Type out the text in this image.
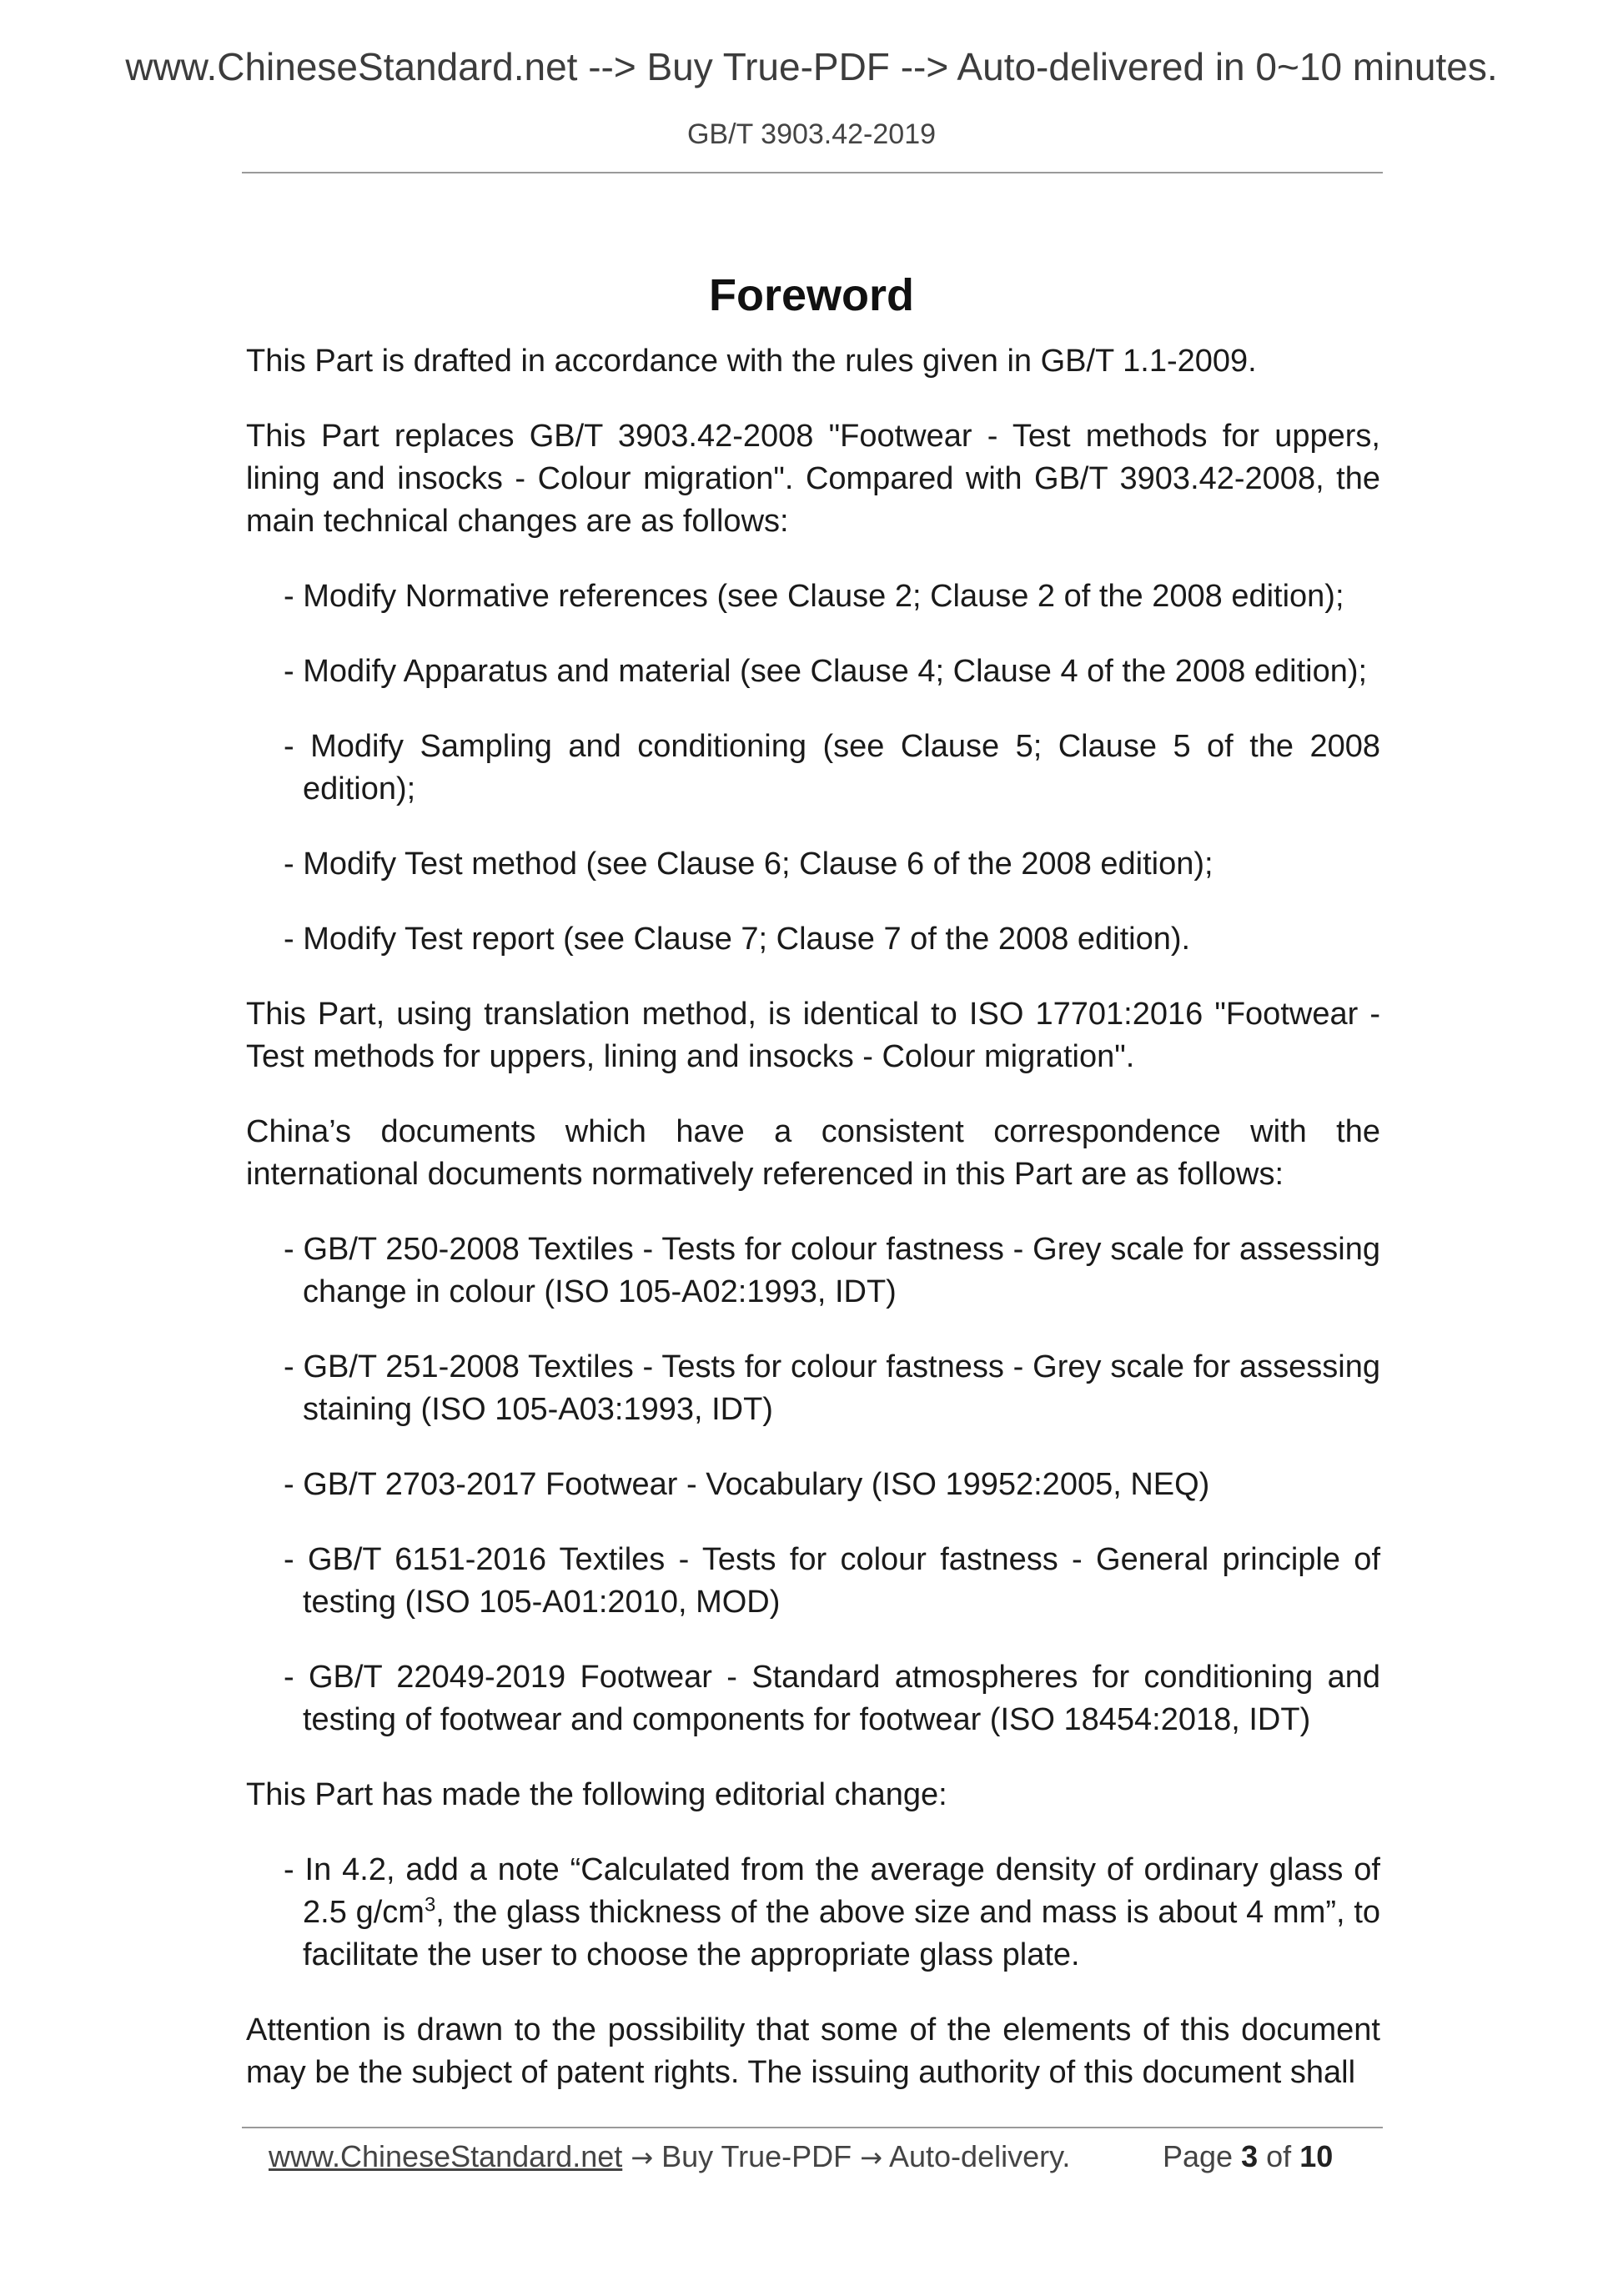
www.ChineseStandard.net --> Buy True-PDF --> Auto-delivered in 0~10 minutes.
GB/T 3903.42-2019
Foreword

This Part is drafted in accordance with the rules given in GB/T 1.1-2009.

This Part replaces GB/T 3903.42-2008 "Footwear - Test methods for uppers, lining and insocks - Colour migration". Compared with GB/T 3903.42-2008, the main technical changes are as follows:

- Modify Normative references (see Clause 2; Clause 2 of the 2008 edition);
- Modify Apparatus and material (see Clause 4; Clause 4 of the 2008 edition);
- Modify Sampling and conditioning (see Clause 5; Clause 5 of the 2008 edition);
- Modify Test method (see Clause 6; Clause 6 of the 2008 edition);
- Modify Test report (see Clause 7; Clause 7 of the 2008 edition).

This Part, using translation method, is identical to ISO 17701:2016 "Footwear - Test methods for uppers, lining and insocks - Colour migration".

China’s documents which have a consistent correspondence with the international documents normatively referenced in this Part are as follows:

- GB/T 250-2008 Textiles - Tests for colour fastness - Grey scale for assessing change in colour (ISO 105-A02:1993, IDT)
- GB/T 251-2008 Textiles - Tests for colour fastness - Grey scale for assessing staining (ISO 105-A03:1993, IDT)
- GB/T 2703-2017 Footwear - Vocabulary (ISO 19952:2005, NEQ)
- GB/T 6151-2016 Textiles - Tests for colour fastness - General principle of testing (ISO 105-A01:2010, MOD)
- GB/T 22049-2019 Footwear - Standard atmospheres for conditioning and testing of footwear and components for footwear (ISO 18454:2018, IDT)

This Part has made the following editorial change:

- In 4.2, add a note “Calculated from the average density of ordinary glass of 2.5 $g/cm^3$, the glass thickness of the above size and mass is about 4 mm”, to facilitate the user to choose the appropriate glass plate.

Attention is drawn to the possibility that some of the elements of this document may be the subject of patent rights. The issuing authority of this document shall

www.ChineseStandard.net → Buy True-PDF → Auto-delivery.	Page 3 of 10
